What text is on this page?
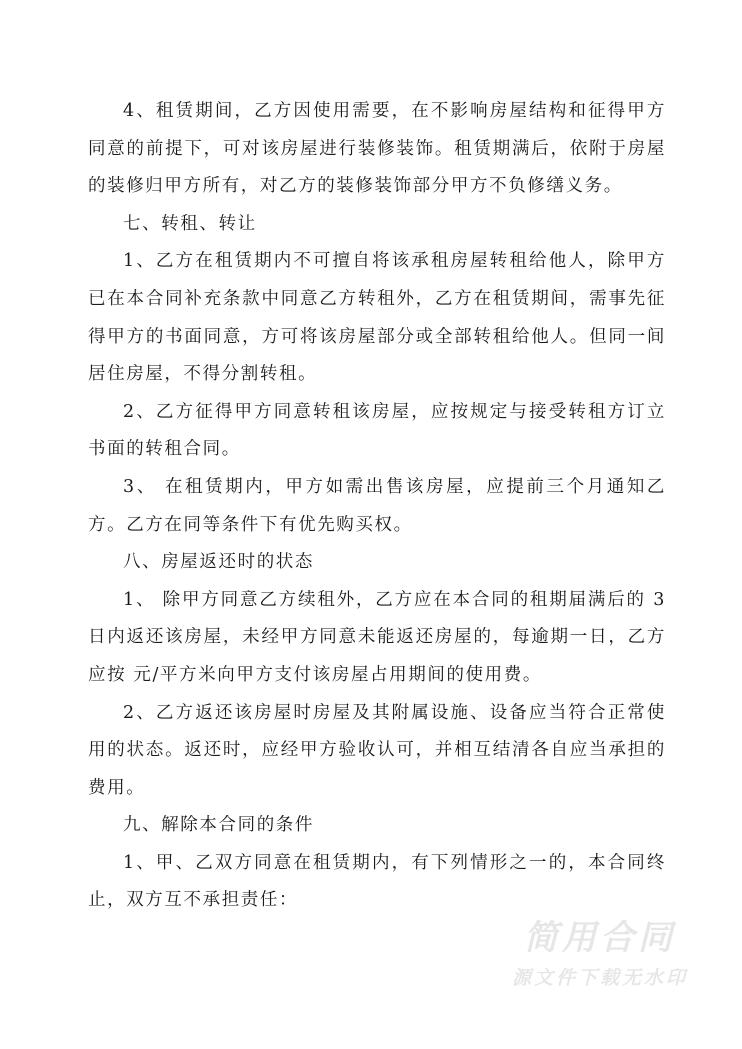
4、租赁期间，乙方因使用需要，在不影响房屋结构和征得甲方同意的前提下，可对该房屋进行装修装饰。租赁期满后，依附于房屋的装修归甲方所有，对乙方的装修装饰部分甲方不负修缮义务。

七、转租、转让

1、乙方在租赁期内不可擅自将该承租房屋转租给他人，除甲方已在本合同补充条款中同意乙方转租外，乙方在租赁期间，需事先征得甲方的书面同意，方可将该房屋部分或全部转租给他人。但同一间居住房屋，不得分割转租。

2、乙方征得甲方同意转租该房屋，应按规定与接受转租方订立书面的转租合同。

3、 在租赁期内，甲方如需出售该房屋，应提前三个月通知乙方。乙方在同等条件下有优先购买权。

八、房屋返还时的状态

1、 除甲方同意乙方续租外，乙方应在本合同的租期届满后的 3 日内返还该房屋，未经甲方同意未能返还房屋的，每逾期一日，乙方应按 元/平方米向甲方支付该房屋占用期间的使用费。

2、乙方返还该房屋时房屋及其附属设施、设备应当符合正常使用的状态。返还时，应经甲方验收认可，并相互结清各自应当承担的费用。

九、解除本合同的条件

1、甲、乙双方同意在租赁期内，有下列情形之一的，本合同终止，双方互不承担责任：

简用合同
源文件下载无水印
